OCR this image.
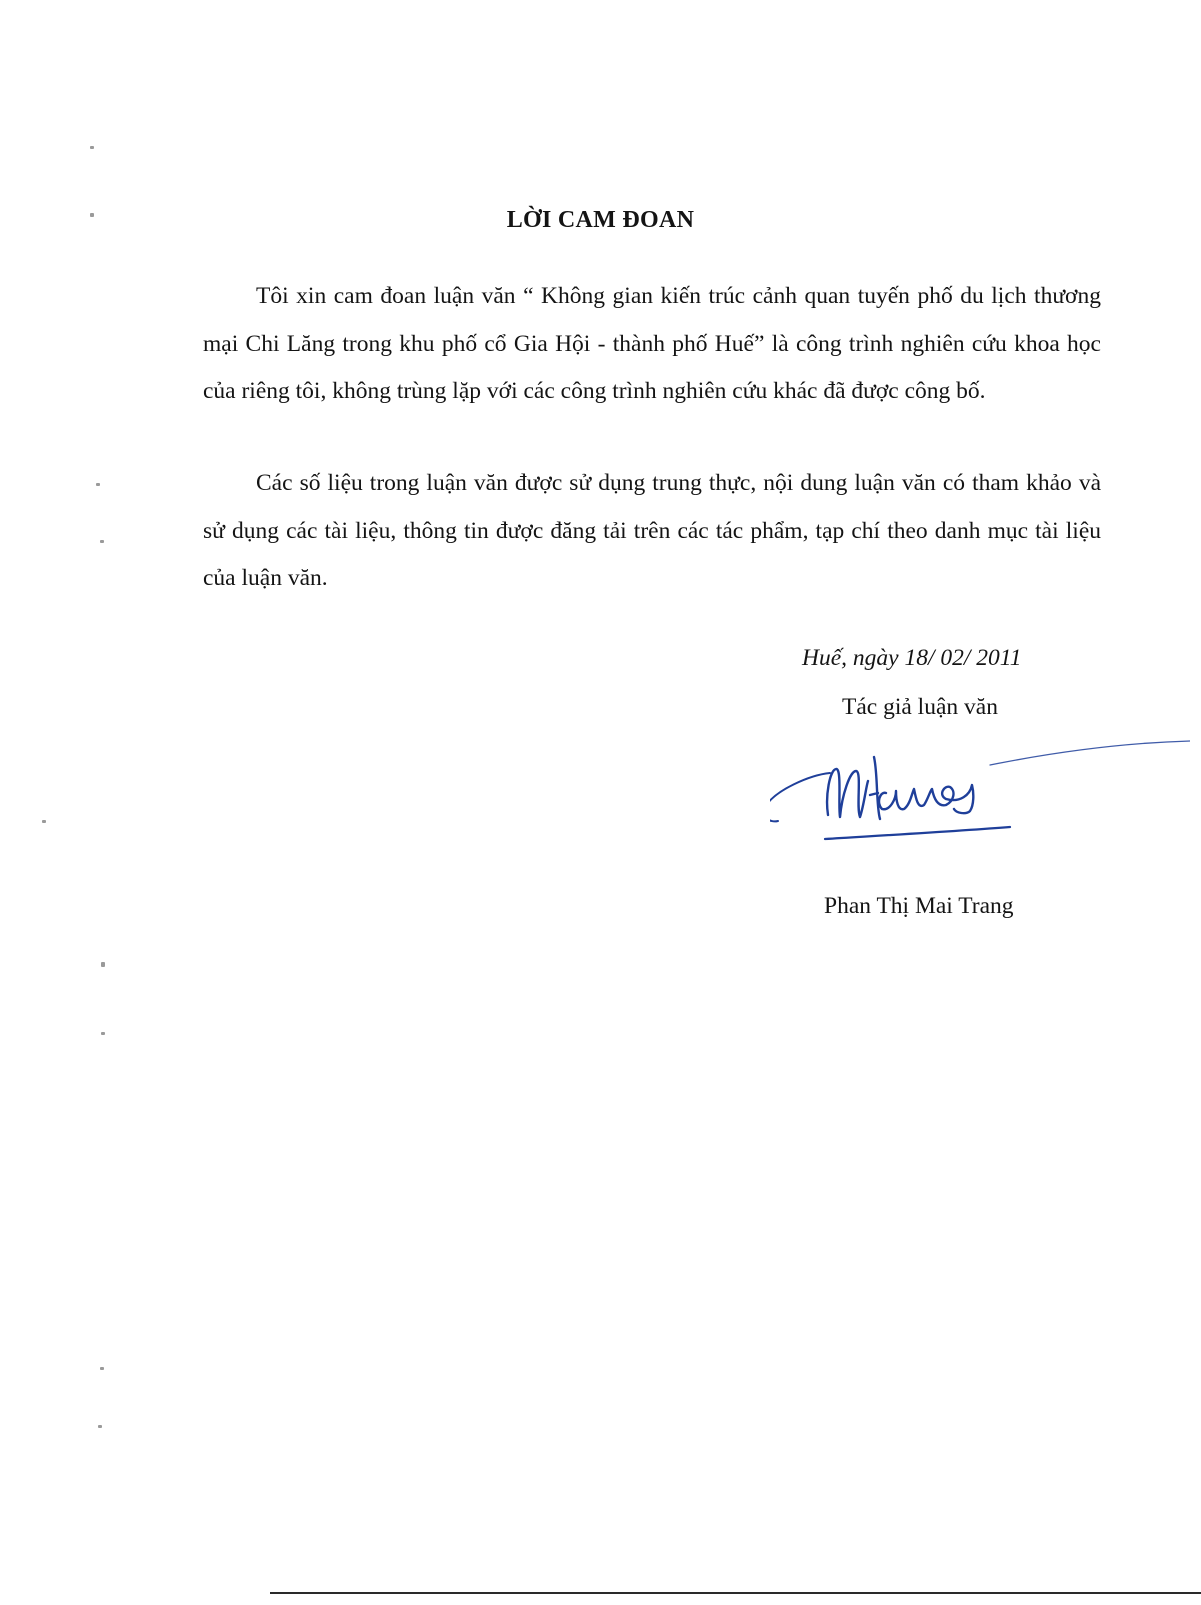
LỜI CAM ĐOAN

Tôi xin cam đoan luận văn “ Không gian kiến trúc cảnh quan tuyến phố du lịch thương mại Chi Lăng trong khu phố cổ Gia Hội - thành phố Huế” là công trình nghiên cứu khoa học của riêng tôi, không trùng lặp với các công trình nghiên cứu khác đã được công bố.

Các số liệu trong luận văn được sử dụng trung thực, nội dung luận văn có tham khảo và sử dụng các tài liệu, thông tin được đăng tải trên các tác phẩm, tạp chí theo danh mục tài liệu của luận văn.

Huế, ngày 18/ 02/ 2011

Tác giả luận văn

Phan Thị Mai Trang
